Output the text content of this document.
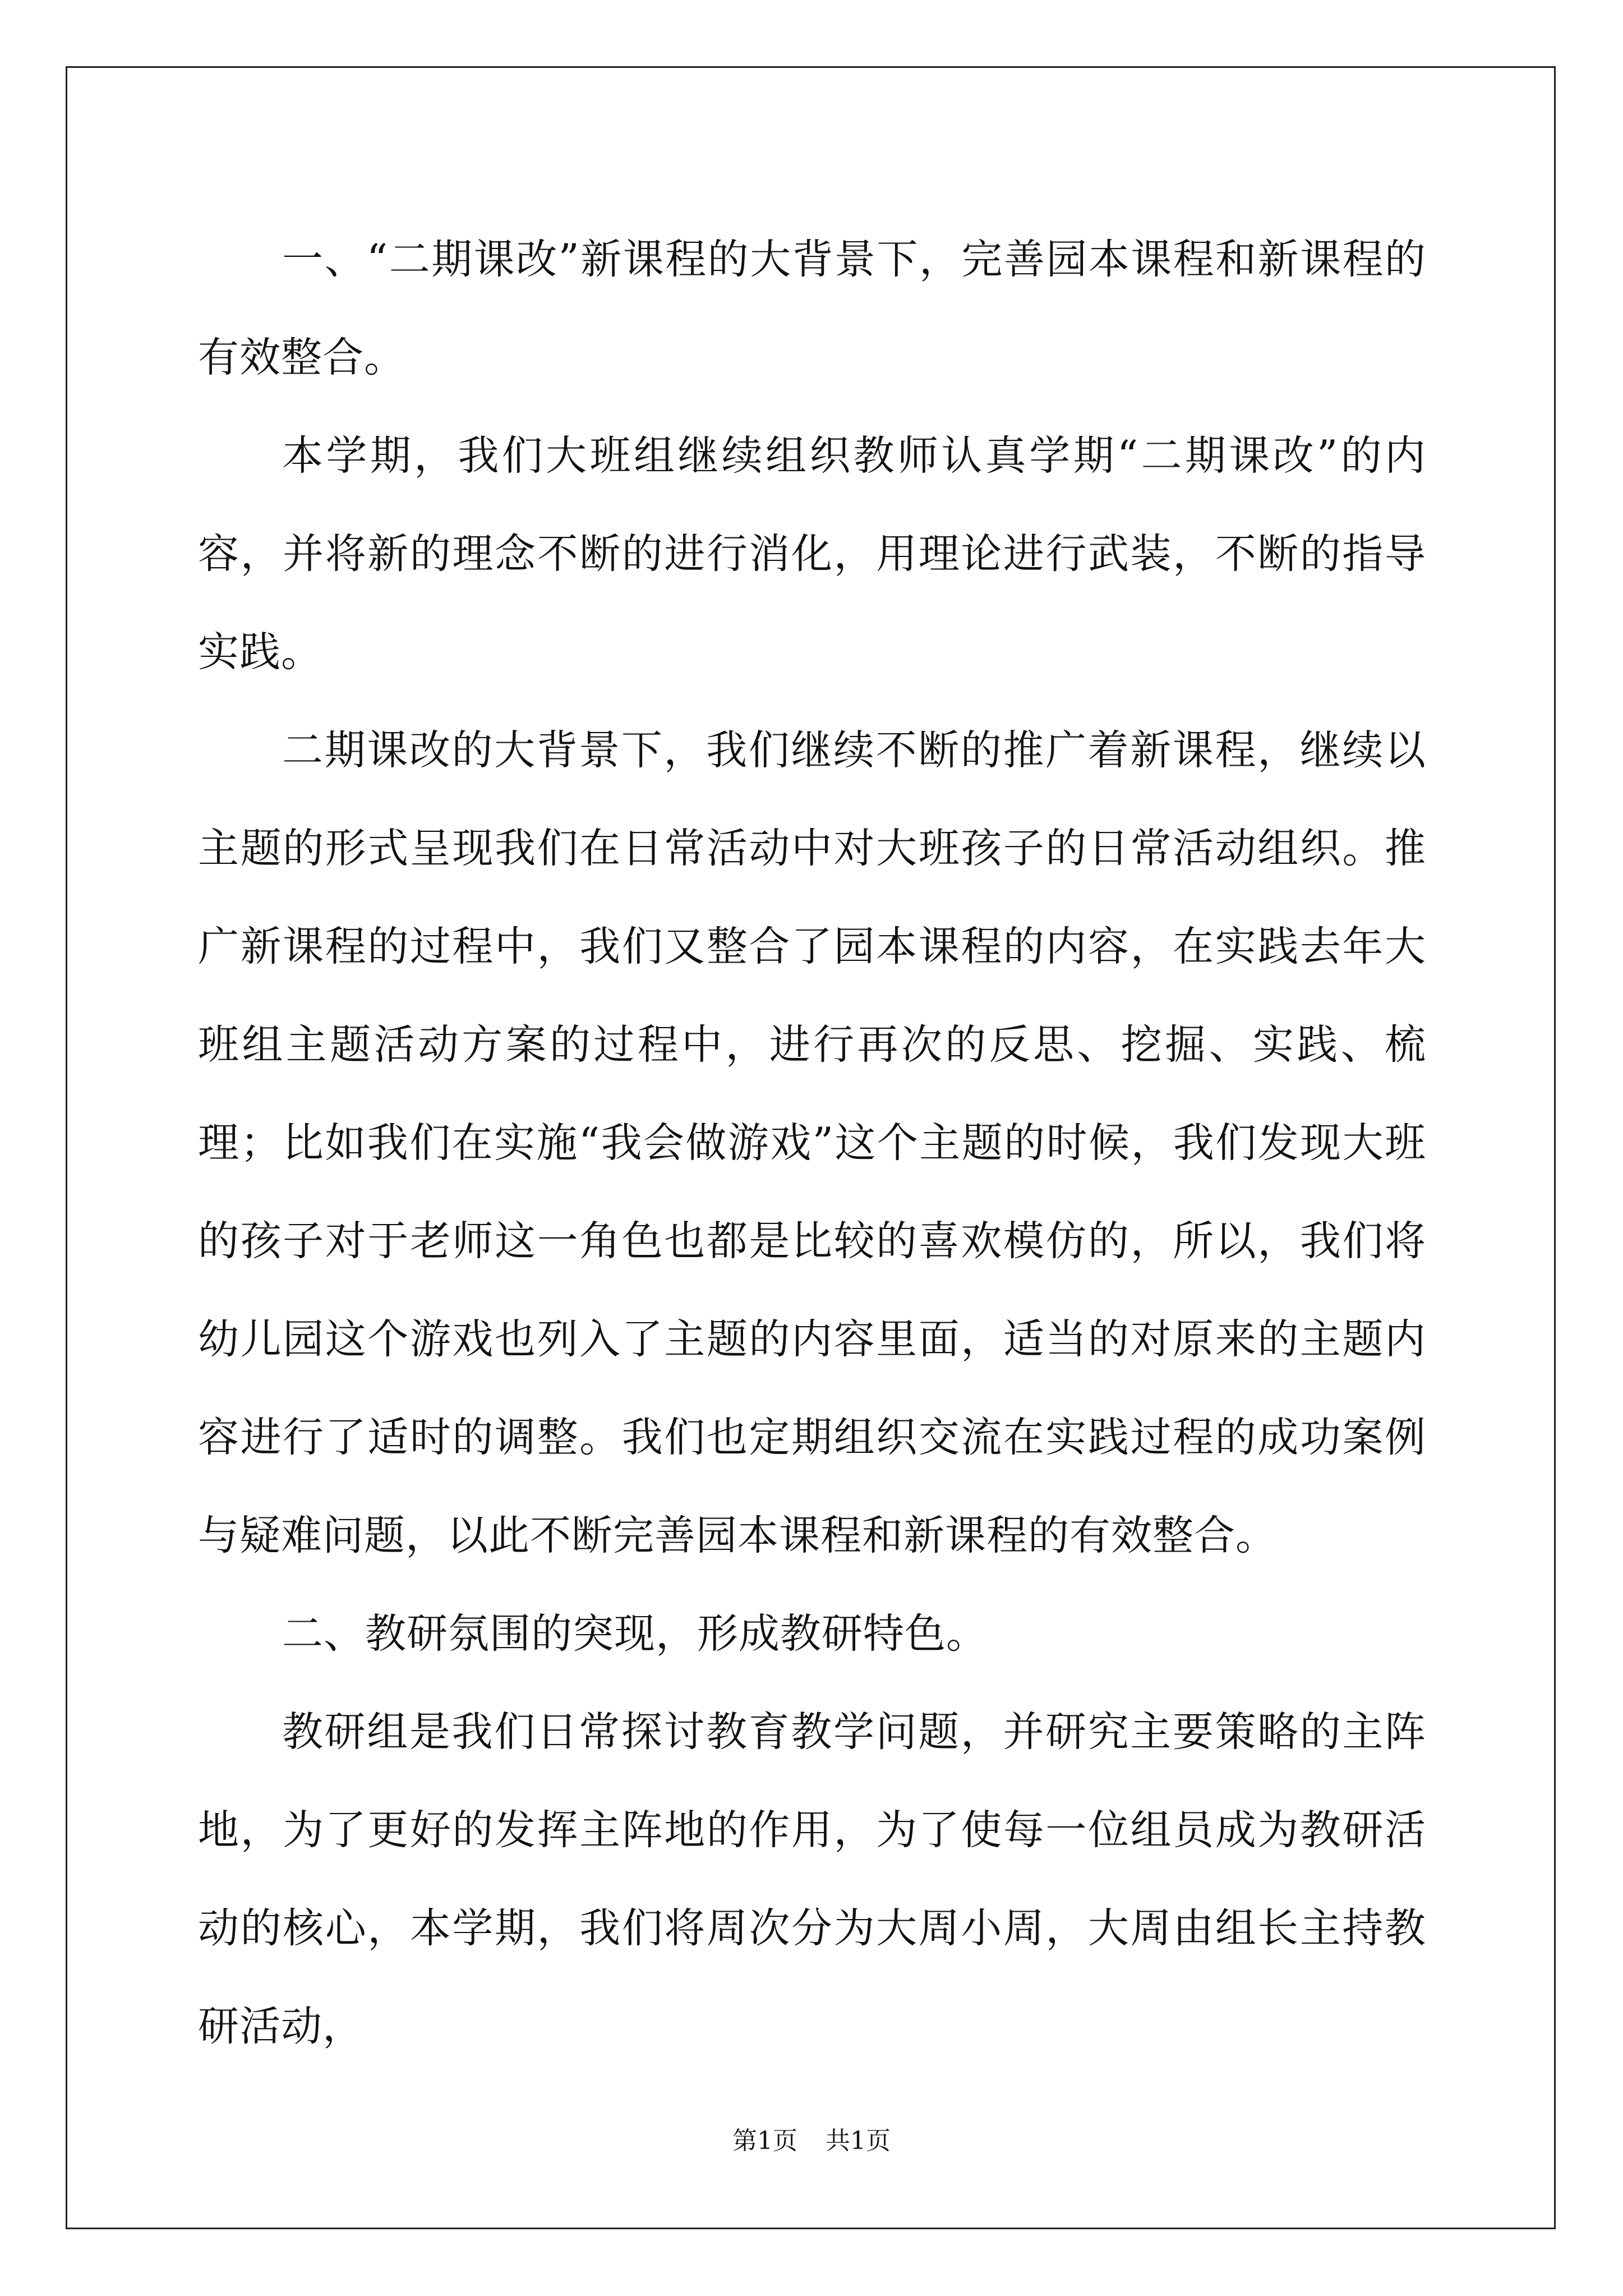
一、“二期课改”新课程的大背景下，完善园本课程和新课程的有效整合。

本学期，我们大班组继续组织教师认真学期“二期课改”的内容，并将新的理念不断的进行消化，用理论进行武装，不断的指导实践。

二期课改的大背景下，我们继续不断的推广着新课程，继续以主题的形式呈现我们在日常活动中对大班孩子的日常活动组织。推广新课程的过程中，我们又整合了园本课程的内容，在实践去年大班组主题活动方案的过程中，进行再次的反思、挖掘、实践、梳理；比如我们在实施“我会做游戏”这个主题的时候，我们发现大班的孩子对于老师这一角色也都是比较的喜欢模仿的，所以，我们将幼儿园这个游戏也列入了主题的内容里面，适当的对原来的主题内容进行了适时的调整。我们也定期组织交流在实践过程的成功案例与疑难问题，以此不断完善园本课程和新课程的有效整合。

二、教研氛围的突现，形成教研特色。

教研组是我们日常探讨教育教学问题，并研究主要策略的主阵地，为了更好的发挥主阵地的作用，为了使每一位组员成为教研活动的核心，本学期，我们将周次分为大周小周，大周由组长主持教研活动，

第1页 共1页
